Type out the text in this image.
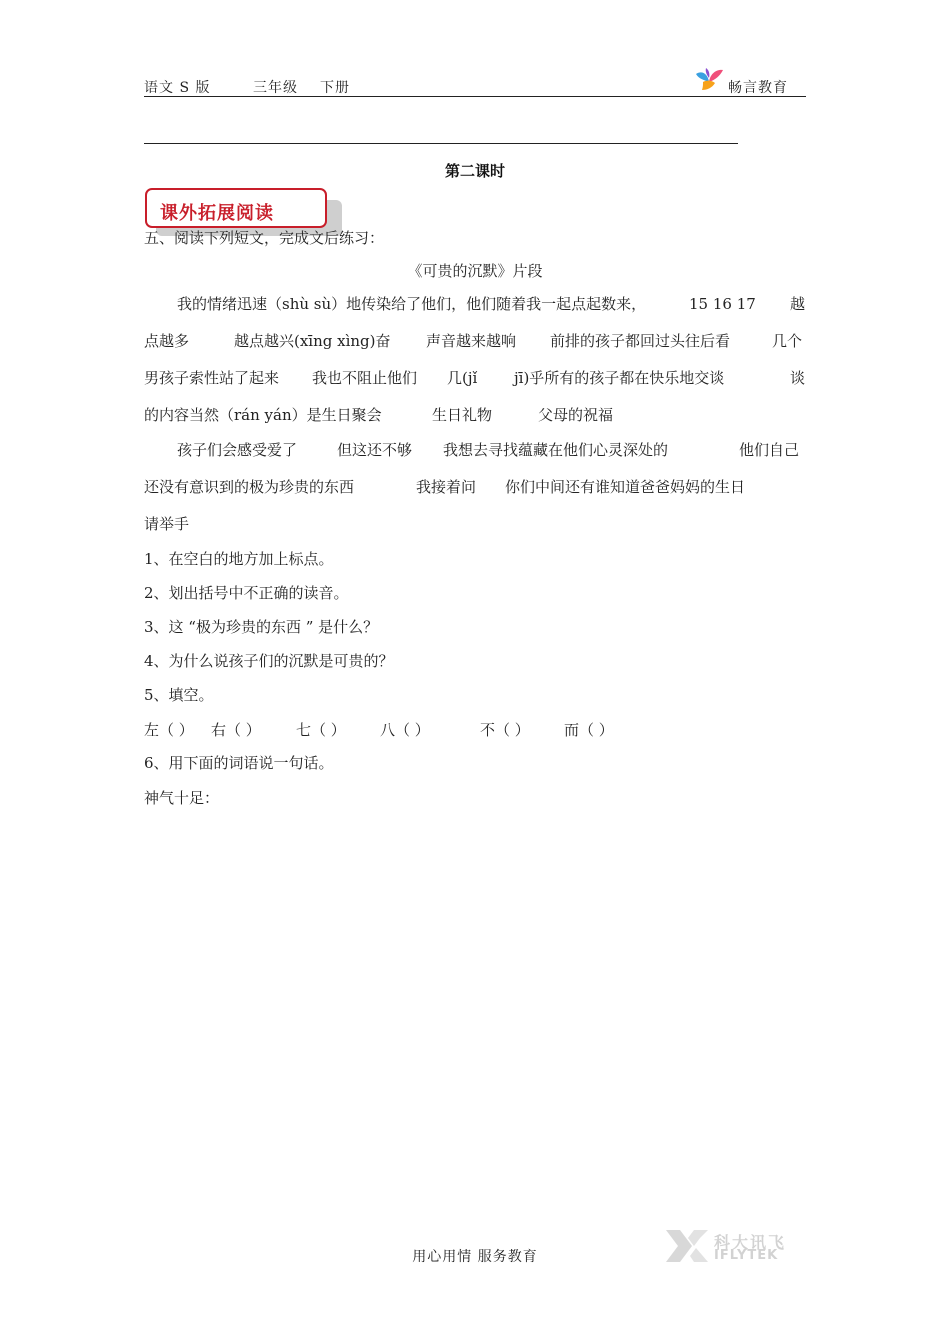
语文 S 版	三年级 下册	畅言教育
第二课时
课外拓展阅读
五、阅读下列短文，完成文后练习：
《可贵的沉默》片段
我的情绪迅速（shù sù）地传染给了他们，他们随着我一起点起数来，	15 16 17 越
点越多	越点越兴(xīng xìng)奋 声音越来越响 前排的孩子都回过头往后看	几个
男孩子索性站了起来 我也不阻止他们 几(jǐ jī)乎所有的孩子都在快乐地交谈	谈
的内容当然（rán yán）是生日聚会	生日礼物	父母的祝福
孩子们会感受爱了	但这还不够 我想去寻找蕴藏在他们心灵深处的	他们自己
还没有意识到的极为珍贵的东西	我接着问 你们中间还有谁知道爸爸妈妈的生日
请举手
1、在空白的地方加上标点。
2、划出括号中不正确的读音。
3、这 “极为珍贵的东西 ” 是什么？
4、为什么说孩子们的沉默是可贵的？
5、填空。
左（ ） 右（ ） 七（ ） 八（ ）	不（ ） 而（ ）
6、用下面的词语说一句话。
神气十足：
用心用情 服务教育
科大讯飞
IFLYTEK
